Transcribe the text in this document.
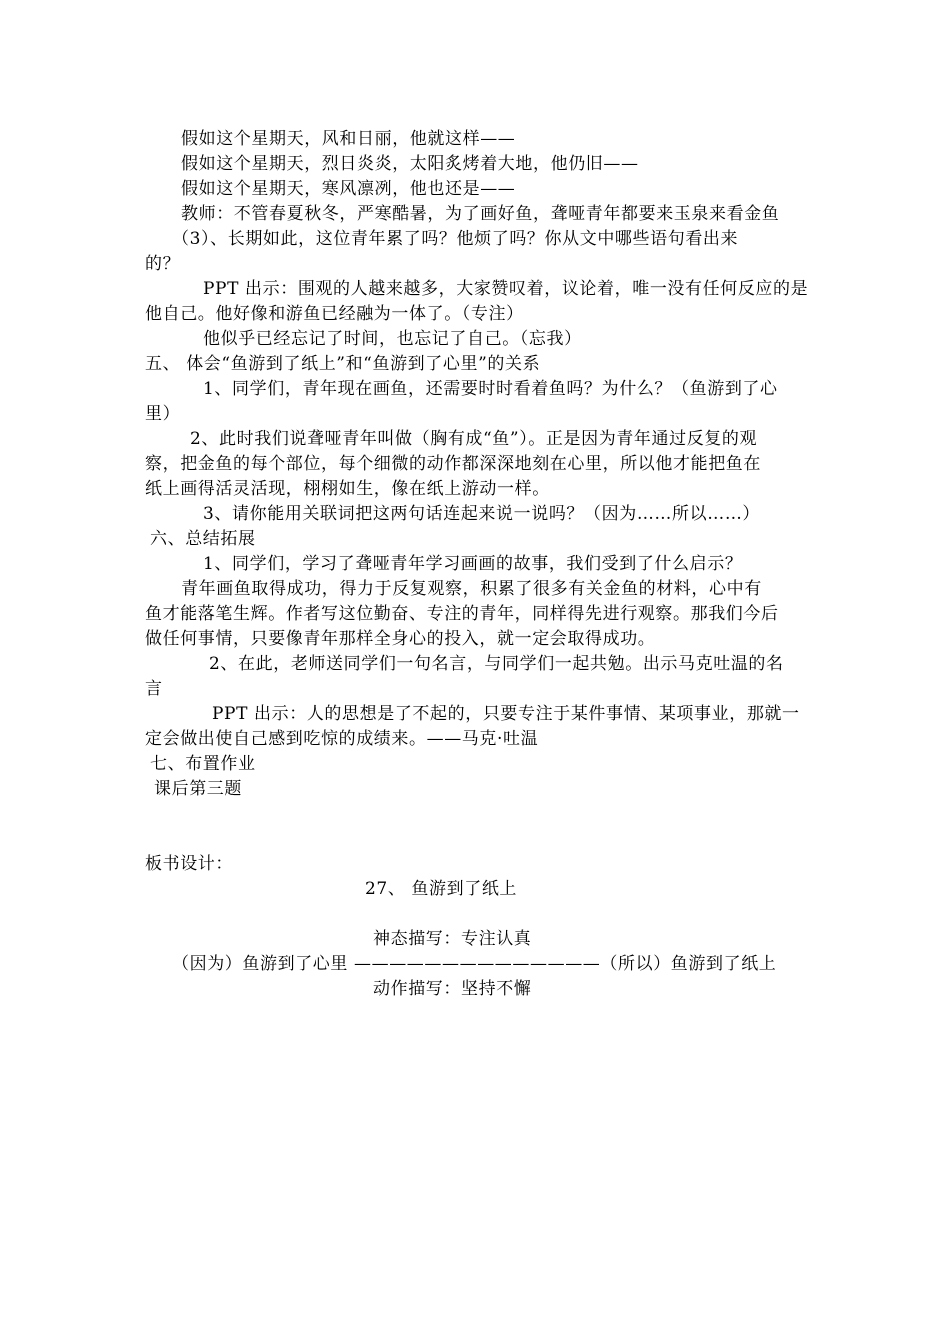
假如这个星期天，风和日丽，他就这样——
假如这个星期天，烈日炎炎，太阳炙烤着大地，他仍旧——
假如这个星期天，寒风凛冽，他也还是——
教师：不管春夏秋冬，严寒酷暑，为了画好鱼，聋哑青年都要来玉泉来看金鱼
（3）、长期如此，这位青年累了吗？他烦了吗？你从文中哪些语句看出来
的？
PPT 出示：围观的人越来越多，大家赞叹着，议论着，唯一没有任何反应的是
他自己。他好像和游鱼已经融为一体了。（专注）
他似乎已经忘记了时间，也忘记了自己。（忘我）
五、 体会“鱼游到了纸上”和“鱼游到了心里”的关系
1、同学们，青年现在画鱼，还需要时时看着鱼吗？为什么？（鱼游到了心
里）
2、此时我们说聋哑青年叫做（胸有成“鱼”）。正是因为青年通过反复的观
察，把金鱼的每个部位，每个细微的动作都深深地刻在心里，所以他才能把鱼在
纸上画得活灵活现，栩栩如生，像在纸上游动一样。
3、请你能用关联词把这两句话连起来说一说吗？（因为……所以……）
六、总结拓展
1、同学们，学习了聋哑青年学习画画的故事，我们受到了什么启示？
青年画鱼取得成功，得力于反复观察，积累了很多有关金鱼的材料，心中有
鱼才能落笔生辉。作者写这位勤奋、专注的青年，同样得先进行观察。那我们今后
做任何事情，只要像青年那样全身心的投入，就一定会取得成功。
2、在此，老师送同学们一句名言，与同学们一起共勉。出示马克吐温的名
言
PPT 出示：人的思想是了不起的，只要专注于某件事情、某项事业，那就一
定会做出使自己感到吃惊的成绩来。——马克·吐温
七、布置作业
课后第三题
板书设计：
27、 鱼游到了纸上
神态描写：专注认真
（因为）鱼游到了心里 ——————————————（所以）鱼游到了纸上
动作描写：坚持不懈
